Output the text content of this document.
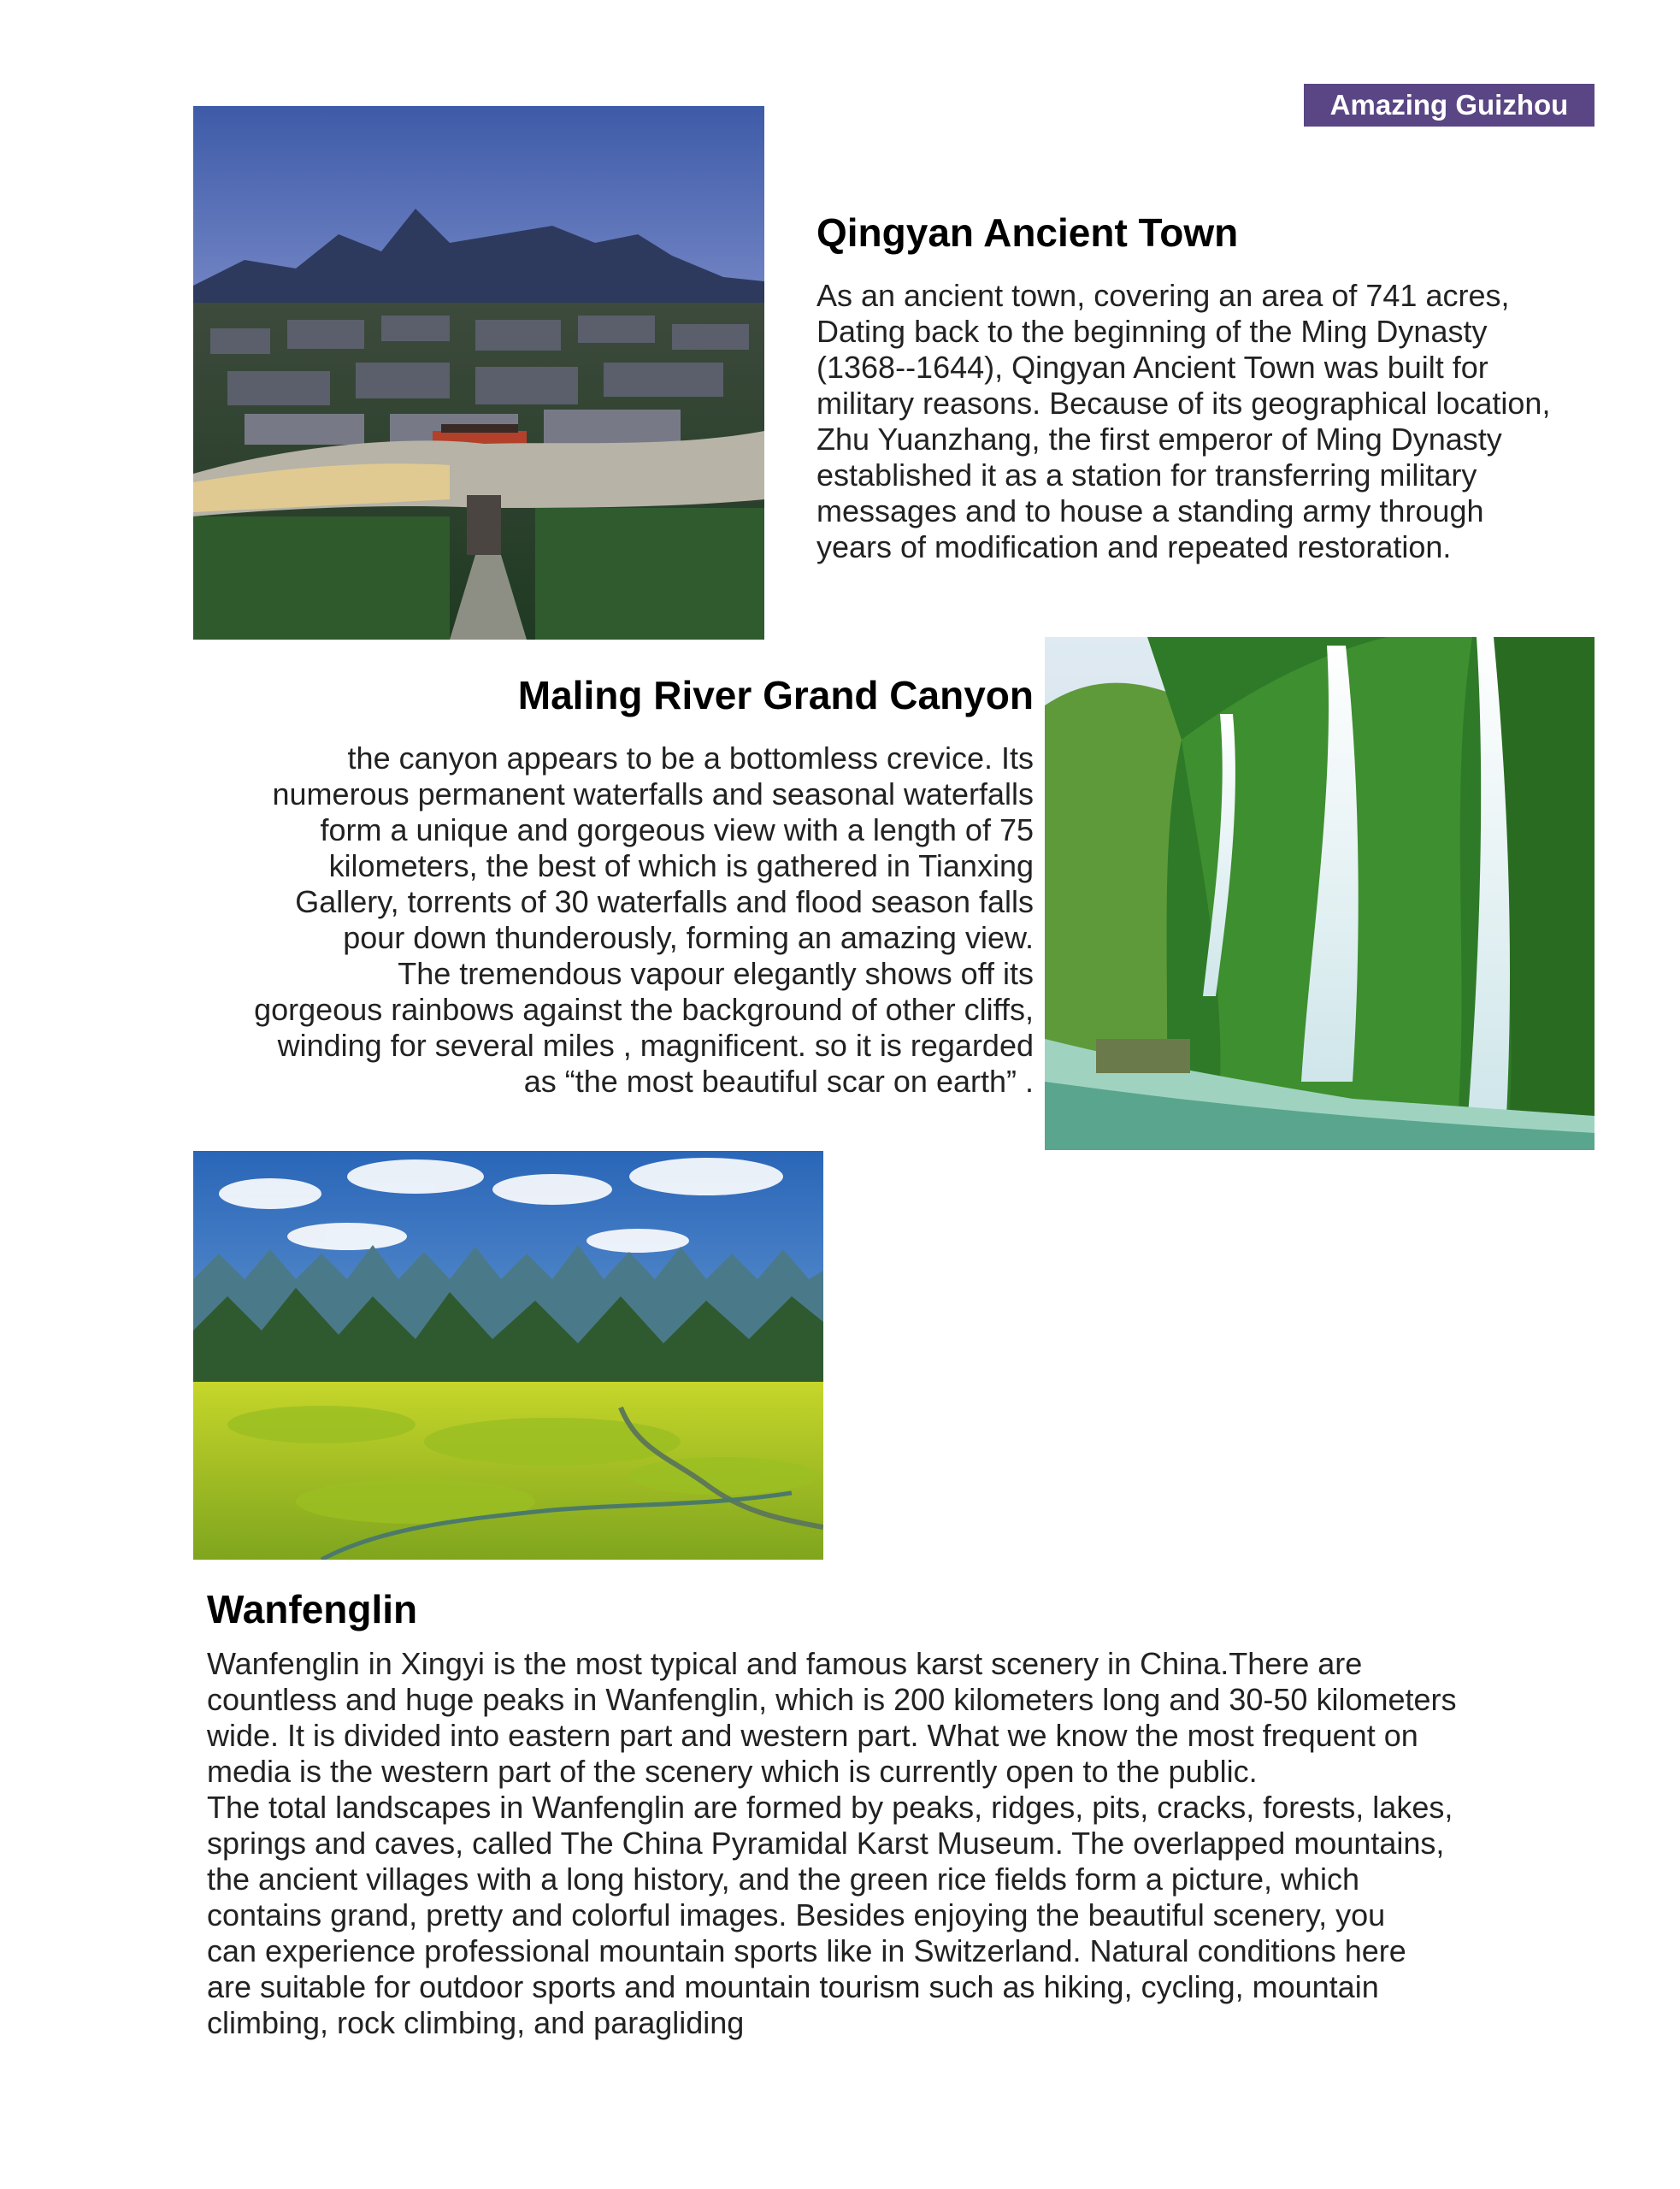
Amazing Guizhou
Qingyan Ancient Town
As an ancient town, covering an area of 741 acres,
Dating back to the beginning of the Ming Dynasty
(1368--1644), Qingyan Ancient Town was built for
military reasons. Because of its geographical location,
Zhu Yuanzhang, the first emperor of Ming Dynasty
established it as a station for transferring military
messages and to house a standing army through
years of modification and repeated restoration.
Maling River Grand Canyon
the canyon appears to be a bottomless crevice. Its
numerous permanent waterfalls and seasonal waterfalls
form a unique and gorgeous view with a length of 75
kilometers, the best of which is gathered in Tianxing
Gallery, torrents of 30 waterfalls and flood season falls
pour down thunderously, forming an amazing view.
The tremendous vapour elegantly shows off its
gorgeous rainbows against the background of other cliffs,
winding for several miles , magnificent. so it is regarded
as “the most beautiful scar on earth” .
Wanfenglin
Wanfenglin in Xingyi is the most typical and famous karst scenery in China.There are
countless and huge peaks in Wanfenglin, which is 200 kilometers long and 30-50 kilometers
wide. It is divided into eastern part and western part. What we know the most frequent on
media is the western part of the scenery which is currently open to the public.
The total landscapes in Wanfenglin are formed by peaks, ridges, pits, cracks, forests, lakes,
springs and caves, called The China Pyramidal Karst Museum. The overlapped mountains,
the ancient villages with a long history, and the green rice fields form a picture, which
contains grand, pretty and colorful images. Besides enjoying the beautiful scenery, you
can experience professional mountain sports like in Switzerland. Natural conditions here
are suitable for outdoor sports and mountain tourism such as hiking, cycling, mountain
climbing, rock climbing, and paragliding
